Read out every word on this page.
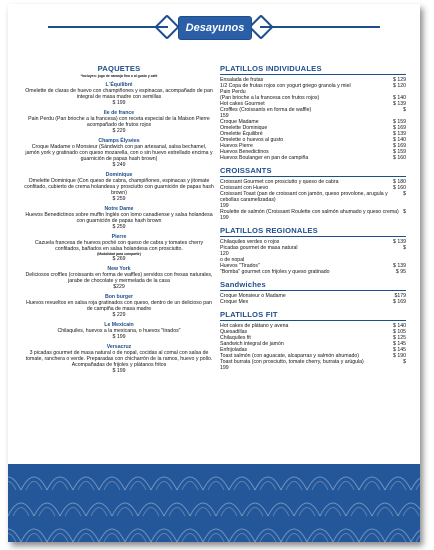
Desayunos
PAQUETES
*Incluyen: jugo de naranja fino o al gusto y café
L´Équilibré
Omelette de claras de huevo con champiñones y espinacas, acompañado de pan integral de masa madre con semillas
$ 199
Ile de france
Pain Perdu (Pan brioche a la francesa) con receta especial de la Maison Pierre acompañado de frutos rojos
$ 229
Champs Élysées
Croque Madame o Monsieur (Sándwich con pan artesanal, salsa bechamel, jamón york y gratinado con queso mozarella, con o sin huevo estrellado encima y guarnición de papas hash brown)
$ 249
Dominique
Omelette Dominique (Con queso de cabra, champiñones, espinacas y jitomate confitado, cubierto de crema holandesa y prosciutto con guarnición de papas hash brown)
$ 259
Notre Dame
Huevos Benedictinos sobre muffin Inglés con lomo canadiense y salsa holandesa con guarnición de papas hash brown
$ 259
Pierre
Cazuela francesa de huevos poché con queso de cabra y tomates cherry confitados, bañados en salsa holandesa con prosciutto.
(Modalidad para compartir)
$ 269
New York
Deliciosos croffles (croissants en forma de waffles) servidos con fresas naturales, jarabe de chocolate y mermelada de la casa
$229
Bon burger
Huevos revueltos en salsa roja gratinados con queso, dentro de un delicioso pan de campiña de masa madre
$ 229
Le Mexicain
Chilaquiles, huevos a la mexicana, o huevos "tirados"
$ 199
Versacruz
3 picadas gourmet de masa natural o de nopal, cocidas al comal con salsa de tomate, ranchera o verde. Preparadas con chicharrón de la ramos, huevo y pollo. Acompañadas de frijoles y plátanos fritos
$ 199
PLATILLOS INDIVIDUALES
Ensalada de frutas	$ 129
1/2 Copa de frutas rojos con yogurt griego granola y miel	$ 120
Pain Perdu
(Pan brioche a la francesa con frutos rojos)	$ 140
Hot cakes Gourmet	$ 139
Croffles (Croissants en forma de waffle)	$
159
Croque Madame	$ 159
Omelette Dominique	$ 169
Omelette Équilibré	$ 139
Omelette o huevos al gusto	$ 140
Huevos Pierre	$ 169
Huevos Benedictinos	$ 159
Huevos Boulanger en pan de campiña	$ 160
CROISSANTS
Croissant Gourmet con prosciutto y queso de cabra	$ 180
Croissant con Huevo	$ 160
Croissant Toast (pan de croissant con jamón, queso provolone, arugula y cebollas caramelizadas)
$
199
Roulette de salmón (Croissant Roulette con salmón ahumado y queso crema) $
199
PLATILLOS REGIONALES
Chilaquiles verdes o rojos	$ 139
Picadas gourmet de masa natural	$
120
o de nopal
Huevos "Tirados"	$ 139
"Bomba" gourmet con frijoles y queso gratinado	$ 95
Sandwiches
Croque Monsieur o Madame	$179
Croque Mex	$ 169
PLATILLOS FIT
Hot cakes de plátano y avena	$ 140
Quesadillas	$ 105
Chilaquiles fit	$ 125
Sandwich integral de jamón	$ 145
Enfrijoladas	$ 145
Toast salmón (con aguacate, alcaparras y salmón ahumado)	$ 190
Toast burrata (con prosciutto, tomate cherry, burrata y arúgula)	$
199
